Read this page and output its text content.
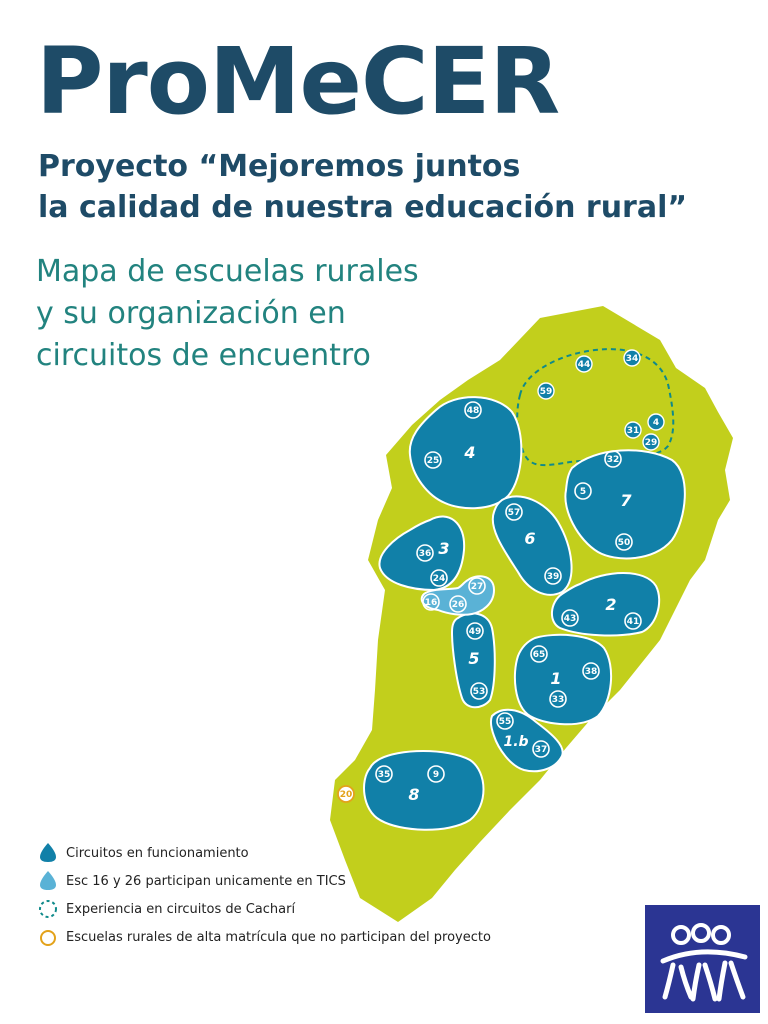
ProMeCER
Proyecto “Mejoremos juntos
la calidad de nuestra educación rural”
Mapa de escuelas rurales
y su organización en
circuitos de encuentro
4
7
6
3
2
5
1
1.b
8
48
25
44
34
59
31
4
29
32
5
50
57
39
36
24
16 26
27
49
53
43	41
65
38
33
55
37
35	9
20
Circuitos en funcionamiento
Esc 16 y 26 participan unicamente en TICS
Experiencia en circuitos de Cacharí
Escuelas rurales de alta matrícula que no participan del proyecto
